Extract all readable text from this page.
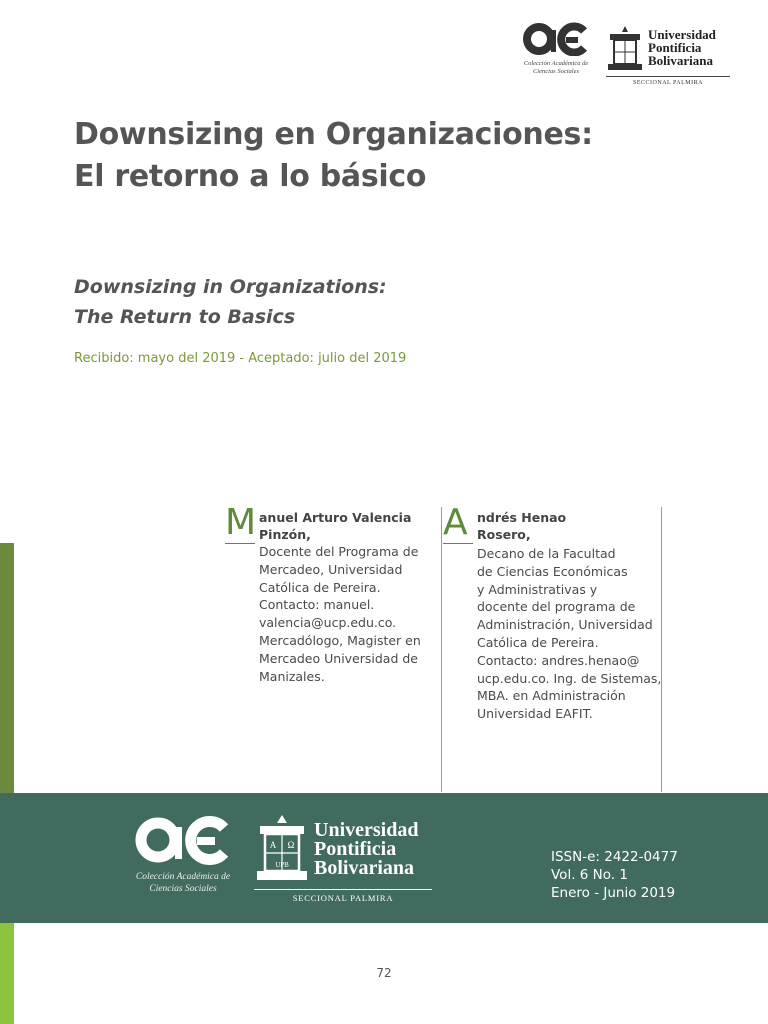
Colección Académica de
Ciencias Sociales
Universidad
Pontificia
Bolivariana
SECCIONAL PALMIRA
Downsizing en Organizaciones:
El retorno a lo básico
Downsizing in Organizations:
The Return to Basics
Recibido: mayo del 2019 - Aceptado: julio del 2019
M anuel Arturo Valencia
Pinzón,
Docente del Programa de
Mercadeo, Universidad
Católica de Pereira.
Contacto: manuel.
valencia@ucp.edu.co.
Mercadólogo, Magister en
Mercadeo Universidad de
Manizales.
A ndrés Henao
Rosero,
Decano de la Facultad
de Ciencias Económicas
y Administrativas y
docente del programa de
Administración, Universidad
Católica de Pereira.
Contacto: andres.henao@
ucp.edu.co. Ing. de Sistemas,
MBA. en Administración
Universidad EAFIT.
Colección Académica de
Ciencias Sociales
A Ω
UPB
Universidad
Pontificia
Bolivariana
SECCIONAL PALMIRA
ISSN-e: 2422-0477
Vol. 6 No. 1
Enero - Junio 2019
72
